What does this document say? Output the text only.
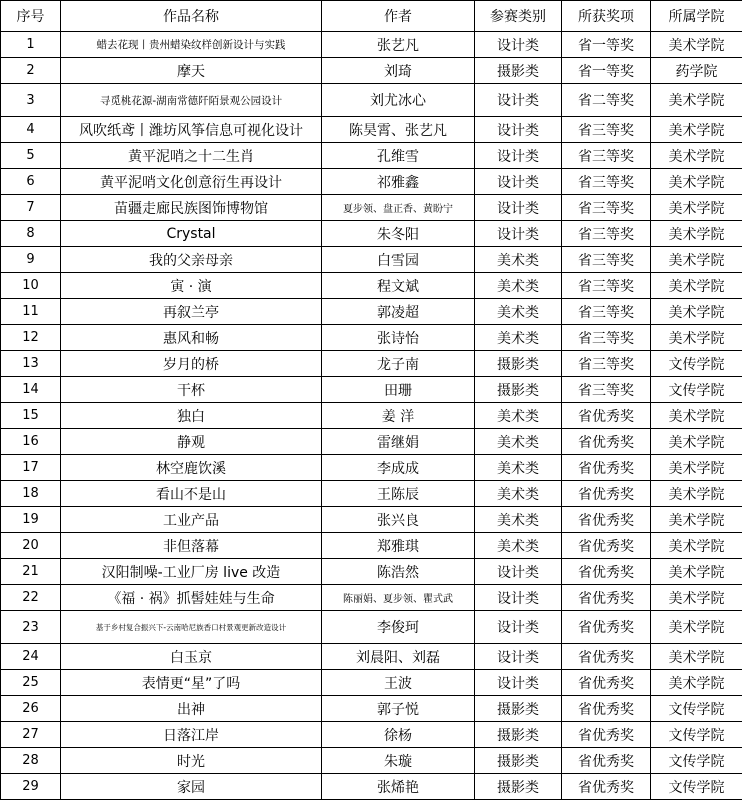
序号	作品名称	作者	参赛类别	所获奖项	所属学院
1	蜡去花现丨贵州蜡染纹样创新设计与实践	张艺凡	设计类	省一等奖	美术学院
2	摩天	刘琦	摄影类	省一等奖	药学院
3	寻觅桃花源-湖南常德阡陌景观公园设计	刘尤冰心	设计类	省二等奖	美术学院
4	风吹纸鸢丨潍坊风筝信息可视化设计	陈昊霄、张艺凡	设计类	省三等奖	美术学院
5	黄平泥哨之十二生肖	孔维雪	设计类	省三等奖	美术学院
6	黄平泥哨文化创意衍生再设计	祁雅鑫	设计类	省三等奖	美术学院
7	苗疆走廊民族图饰博物馆	夏步领、盘正香、黄盼宁	设计类	省三等奖	美术学院
8	Crystal	朱冬阳	设计类	省三等奖	美术学院
9	我的父亲母亲	白雪园	美术类	省三等奖	美术学院
10	寅 · 演	程文斌	美术类	省三等奖	美术学院
11	再叙兰亭	郭凌超	美术类	省三等奖	美术学院
12	惠风和畅	张诗怡	美术类	省三等奖	美术学院
13	岁月的桥	龙子南	摄影类	省三等奖	文传学院
14	干杯	田珊	摄影类	省三等奖	文传学院
15	独白	姜 洋	美术类	省优秀奖	美术学院
16	静观	雷继娟	美术类	省优秀奖	美术学院
17	林空鹿饮溪	李成成	美术类	省优秀奖	美术学院
18	看山不是山	王陈辰	美术类	省优秀奖	美术学院
19	工业产品	张兴良	美术类	省优秀奖	美术学院
20	非但落幕	郑雅琪	美术类	省优秀奖	美术学院
21	汉阳制噪-工业厂房 live 改造	陈浩然	设计类	省优秀奖	美术学院
22	《福 · 祸》抓髻娃娃与生命	陈丽娟、夏步领、瞿式武	设计类	省优秀奖	美术学院
23	基于乡村复合振兴下-云南哈尼族香口村景观更新改造设计	李俊珂	设计类	省优秀奖	美术学院
24	白玉京	刘晨阳、刘磊	设计类	省优秀奖	美术学院
25	表情更“星”了吗	王波	设计类	省优秀奖	美术学院
26	出神	郭子悦	摄影类	省优秀奖	文传学院
27	日落江岸	徐杨	摄影类	省优秀奖	文传学院
28	时光	朱璇	摄影类	省优秀奖	文传学院
29	家园	张烯艳	摄影类	省优秀奖	文传学院
